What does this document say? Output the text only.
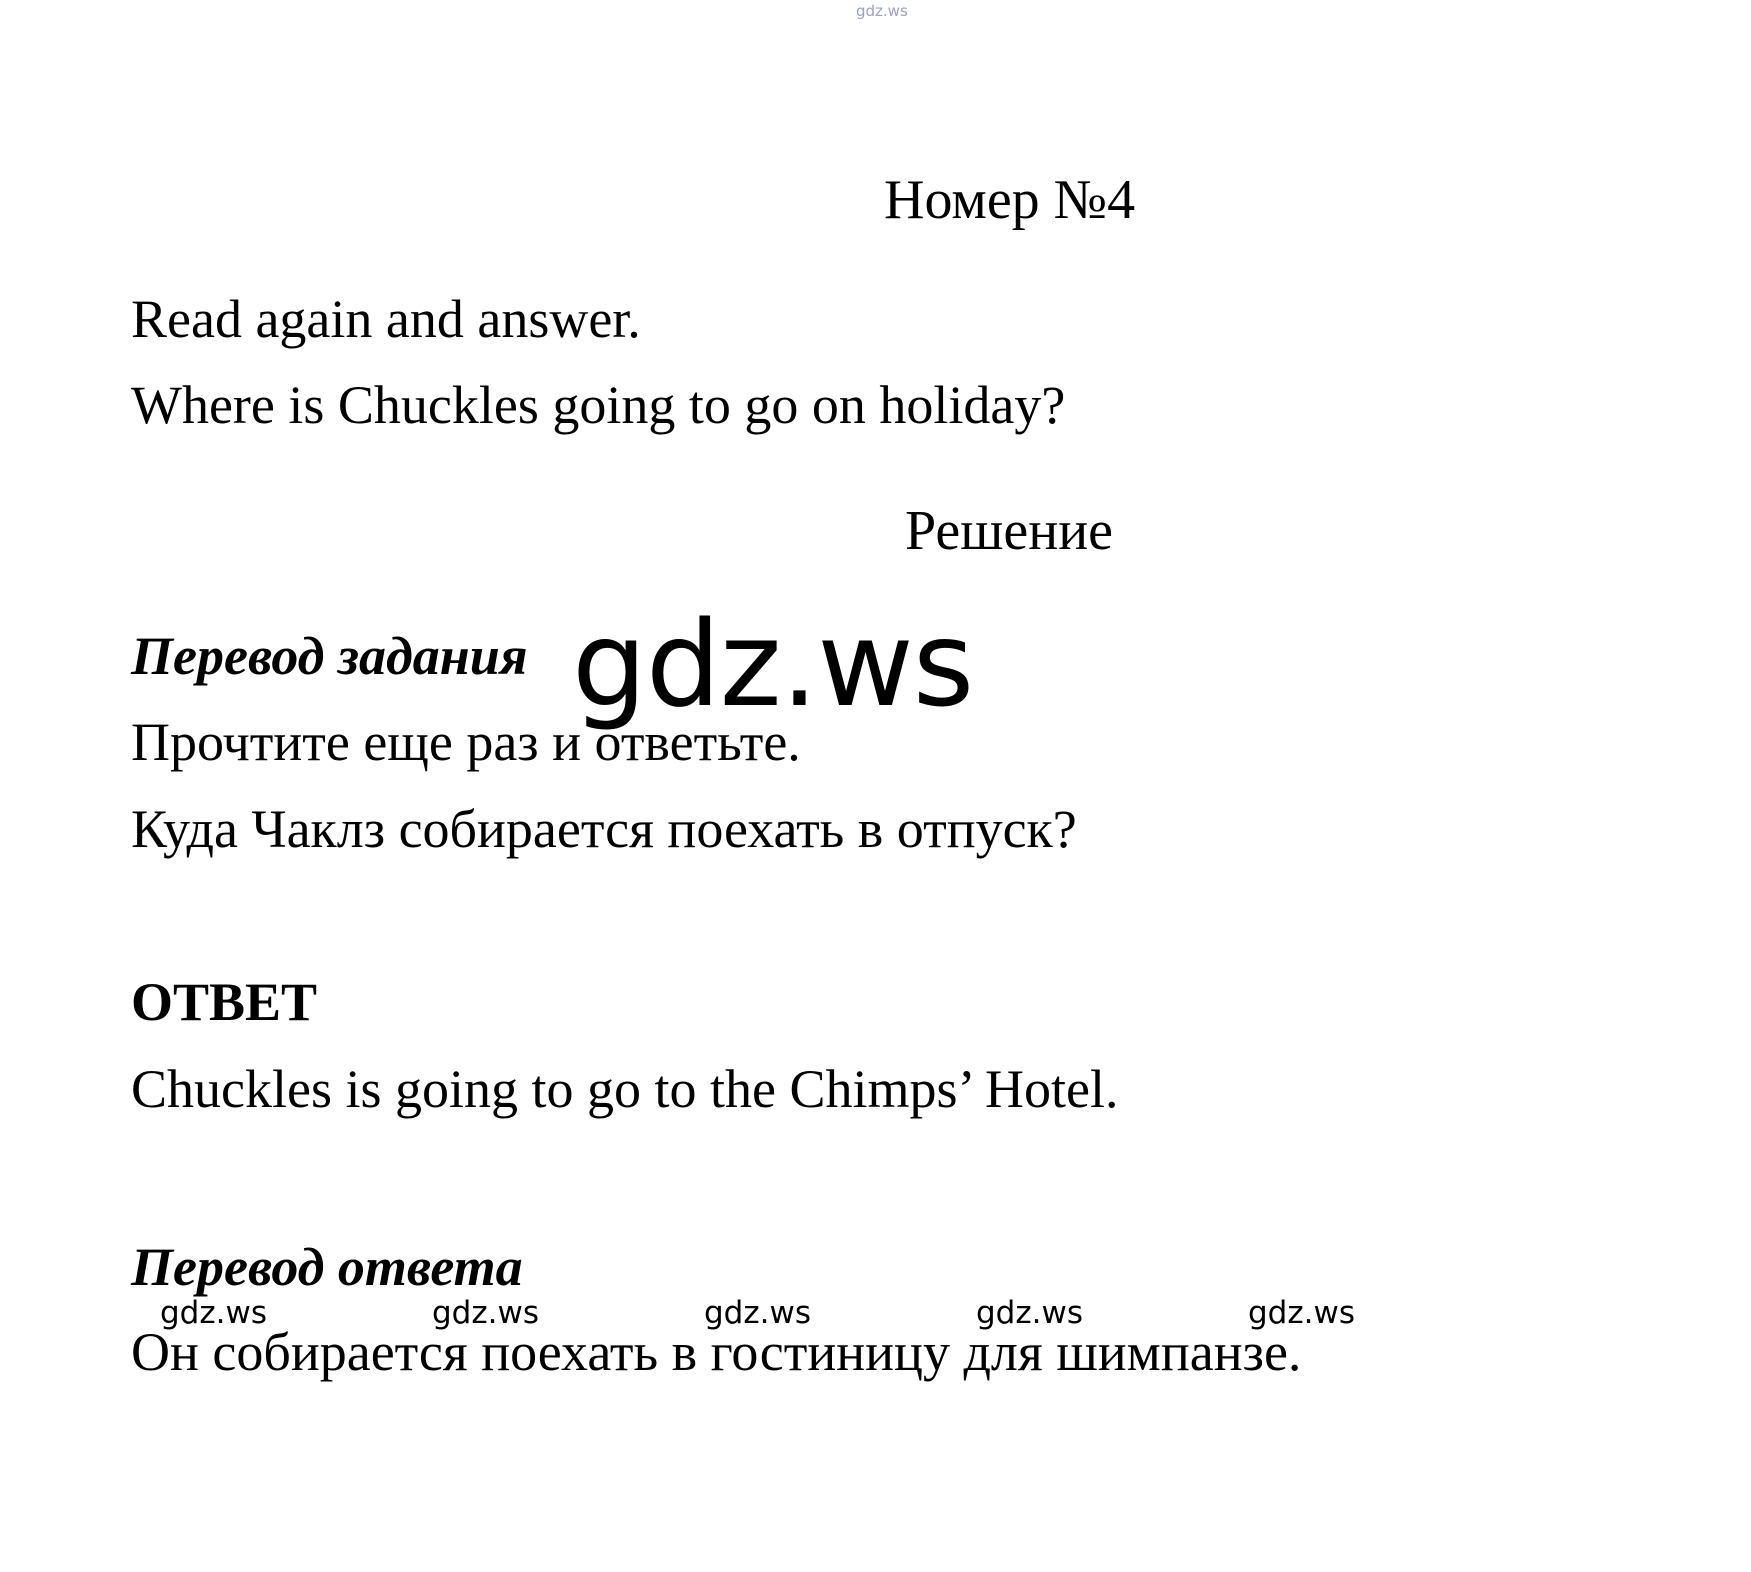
gdz.ws
Номер №4
Read again and answer.
Where is Chuckles going to go on holiday?
Решение
Перевод задания
Прочтите еще раз и ответьте.
Куда Чаклз собирается поехать в отпуск?
gdz.ws
ОТВЕТ
Chuckles is going to go to the Chimps’ Hotel.
Перевод ответа
gdz.ws	gdz.ws	gdz.ws	gdz.ws	gdz.ws
Он собирается поехать в гостиницу для шимпанзе.
